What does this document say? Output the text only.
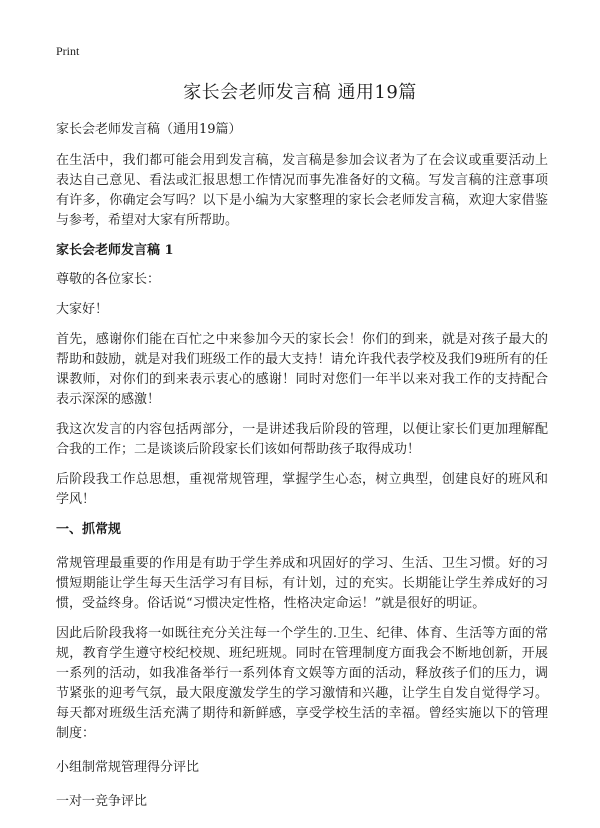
Print
家长会老师发言稿 通用19篇

家长会老师发言稿（通用19篇）

在生活中，我们都可能会用到发言稿，发言稿是参加会议者为了在会议或重要活动上表达自己意见、看法或汇报思想工作情况而事先准备好的文稿。写发言稿的注意事项有许多，你确定会写吗？以下是小编为大家整理的家长会老师发言稿，欢迎大家借鉴与参考，希望对大家有所帮助。

家长会老师发言稿 1

尊敬的各位家长：

大家好！

首先，感谢你们能在百忙之中来参加今天的家长会！你们的到来，就是对孩子最大的帮助和鼓励，就是对我们班级工作的最大支持！请允许我代表学校及我们9班所有的任课教师，对你们的到来表示衷心的感谢！同时对您们一年半以来对我工作的支持配合表示深深的感激！

我这次发言的内容包括两部分，一是讲述我后阶段的管理，以便让家长们更加理解配合我的工作；二是谈谈后阶段家长们该如何帮助孩子取得成功！

后阶段我工作总思想，重视常规管理，掌握学生心态，树立典型，创建良好的班风和学风！

一、抓常规

常规管理最重要的作用是有助于学生养成和巩固好的学习、生活、卫生习惯。好的习惯短期能让学生每天生活学习有目标，有计划，过的充实。长期能让学生养成好的习惯，受益终身。俗话说“习惯决定性格，性格决定命运！”就是很好的明证。

因此后阶段我将一如既往充分关注每一个学生的.卫生、纪律、体育、生活等方面的常规，教育学生遵守校纪校规、班纪班规。同时在管理制度方面我会不断地创新，开展一系列的活动，如我准备举行一系列体育文娱等方面的活动，释放孩子们的压力，调节紧张的迎考气氛，最大限度激发学生的学习激情和兴趣，让学生自发自觉得学习。每天都对班级生活充满了期待和新鲜感，享受学校生活的幸福。曾经实施以下的管理制度：

小组制常规管理得分评比

一对一竞争评比
